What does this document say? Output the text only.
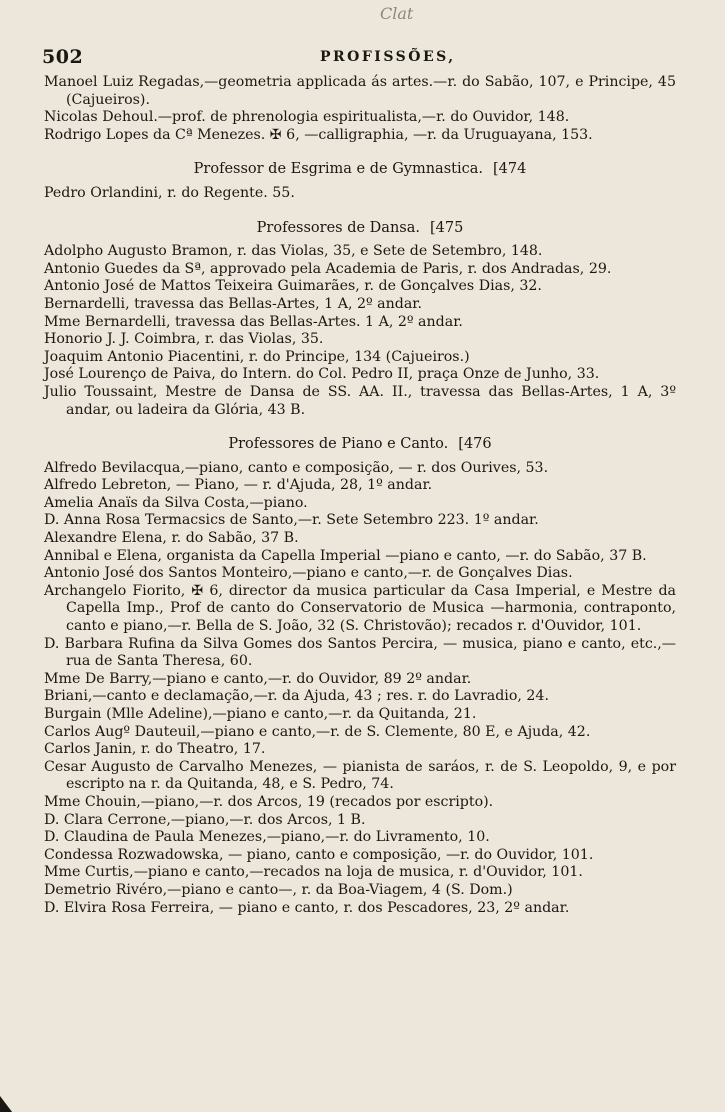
Clat
502	PROFISSÕES,

Manoel Luiz Regadas,—geometria applicada ás artes.—r. do Sabão, 107, e Principe, 45 (Cajueiros).

Nicolas Dehoul.—prof. de phrenologia espiritualista,—r. do Ouvidor, 148.

Rodrigo Lopes da Cª Menezes. ✠ 6, —calligraphia, —r. da Uruguayana, 153.

Professor de Esgrima e de Gymnastica. [474

Pedro Orlandini, r. do Regente. 55.

Professores de Dansa. [475

Adolpho Augusto Bramon, r. das Violas, 35, e Sete de Setembro, 148.

Antonio Guedes da Sª, approvado pela Academia de Paris, r. dos Andradas, 29.

Antonio José de Mattos Teixeira Guimarães, r. de Gonçalves Dias, 32.

Bernardelli, travessa das Bellas-Artes, 1 A, 2º andar.

Mme Bernardelli, travessa das Bellas-Artes. 1 A, 2º andar.

Honorio J. J. Coimbra, r. das Violas, 35.

Joaquim Antonio Piacentini, r. do Principe, 134 (Cajueiros.)

José Lourenço de Paiva, do Intern. do Col. Pedro II, praça Onze de Junho, 33.

Julio Toussaint, Mestre de Dansa de SS. AA. II., travessa das Bellas-Artes, 1 A, 3º andar, ou ladeira da Glória, 43 B.

Professores de Piano e Canto. [476

Alfredo Bevilacqua,—piano, canto e composição, — r. dos Ourives, 53.

Alfredo Lebreton, — Piano, — r. d'Ajuda, 28, 1º andar.

Amelia Anaïs da Silva Costa,—piano.

D. Anna Rosa Termacsics de Santo,—r. Sete Setembro 223. 1º andar.

Alexandre Elena, r. do Sabão, 37 B.

Annibal e Elena, organista da Capella Imperial —piano e canto, —r. do Sabão, 37 B.

Antonio José dos Santos Monteiro,—piano e canto,—r. de Gonçalves Dias.

Archangelo Fiorito, ✠ 6, director da musica particular da Casa Imperial, e Mestre da Capella Imp., Prof de canto do Conservatorio de Musica —harmonia, contraponto, canto e piano,—r. Bella de S. João, 32 (S. Christovão); recados r. d'Ouvidor, 101.

D. Barbara Rufina da Silva Gomes dos Santos Percira, — musica, piano e canto, etc.,—rua de Santa Theresa, 60.

Mme De Barry,—piano e canto,—r. do Ouvidor, 89 2º andar.

Briani,—canto e declamação,—r. da Ajuda, 43 ; res. r. do Lavradio, 24.

Burgain (Mlle Adeline),—piano e canto,—r. da Quitanda, 21.

Carlos Augº Dauteuil,—piano e canto,—r. de S. Clemente, 80 E, e Ajuda, 42.

Carlos Janin, r. do Theatro, 17.

Cesar Augusto de Carvalho Menezes, — pianista de saráos, r. de S. Leopoldo, 9, e por escripto na r. da Quitanda, 48, e S. Pedro, 74.

Mme Chouin,—piano,—r. dos Arcos, 19 (recados por escripto).

D. Clara Cerrone,—piano,—r. dos Arcos, 1 B.

D. Claudina de Paula Menezes,—piano,—r. do Livramento, 10.

Condessa Rozwadowska, — piano, canto e composição, —r. do Ouvidor, 101.

Mme Curtis,—piano e canto,—recados na loja de musica, r. d'Ouvidor, 101.

Demetrio Rivéro,—piano e canto—, r. da Boa-Viagem, 4 (S. Dom.)

D. Elvira Rosa Ferreira, — piano e canto, r. dos Pescadores, 23, 2º andar.
